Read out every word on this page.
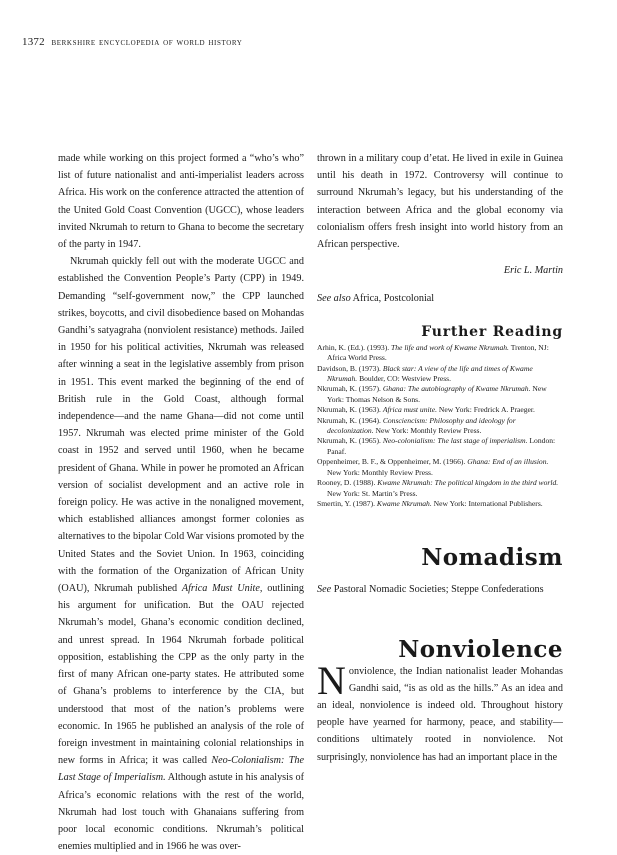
1372 berkshire encyclopedia of world history

made while working on this project formed a “who’s who” list of future nationalist and anti-imperialist leaders across Africa. His work on the conference attracted the attention of the United Gold Coast Convention (UGCC), whose leaders invited Nkrumah to return to Ghana to become the secretary of the party in 1947.

Nkrumah quickly fell out with the moderate UGCC and established the Convention People’s Party (CPP) in 1949. Demanding “self-government now,” the CPP launched strikes, boycotts, and civil disobedience based on Mohandas Gandhi’s satyagraha (nonviolent resistance) methods. Jailed in 1950 for his political activities, Nkrumah was released after winning a seat in the legislative assembly from prison in 1951. This event marked the beginning of the end of British rule in the Gold Coast, although formal independence—and the name Ghana—did not come until 1957. Nkrumah was elected prime minister of the Gold coast in 1952 and served until 1960, when he became president of Ghana. While in power he promoted an African version of socialist development and an active role in foreign policy. He was active in the nonaligned movement, which established alliances amongst former colonies as alternatives to the bipolar Cold War visions promoted by the United States and the Soviet Union. In 1963, coinciding with the formation of the Organization of African Unity (OAU), Nkrumah published Africa Must Unite, outlining his argument for unification. But the OAU rejected Nkrumah’s model, Ghana’s economic condition declined, and unrest spread. In 1964 Nkrumah forbade political opposition, establishing the CPP as the only party in the first of many African one-party states. He attributed some of Ghana’s problems to interference by the CIA, but understood that most of the nation’s problems were economic. In 1965 he published an analysis of the role of foreign investment in maintaining colonial relationships in new forms in Africa; it was called Neo-Colonialism: The Last Stage of Imperialism. Although astute in his analysis of Africa’s economic relations with the rest of the world, Nkrumah had lost touch with Ghanaians suffering from poor local economic conditions. Nkrumah’s political enemies multiplied and in 1966 he was over-

thrown in a military coup d’etat. He lived in exile in Guinea until his death in 1972. Controversy will continue to surround Nkrumah’s legacy, but his understanding of the interaction between Africa and the global economy via colonialism offers fresh insight into world history from an African perspective.

Eric L. Martin
See also Africa, Postcolonial
Further Reading
Arhin, K. (Ed.). (1993). The life and work of Kwame Nkrumah. Trenton, NJ: Africa World Press.
Davidson, B. (1973). Black star: A view of the life and times of Kwame Nkrumah. Boulder, CO: Westview Press.
Nkrumah, K. (1957). Ghana: The autobiography of Kwame Nkrumah. New York: Thomas Nelson & Sons.
Nkrumah, K. (1963). Africa must unite. New York: Fredrick A. Praeger.
Nkrumah, K. (1964). Consciencism: Philosophy and ideology for decolonization. New York: Monthly Review Press.
Nkrumah, K. (1965). Neo-colonialism: The last stage of imperialism. London: Panaf.
Oppenheimer, B. F., & Oppenheimer, M. (1966). Ghana: End of an illusion. New York: Monthly Review Press.
Rooney, D. (1988). Kwame Nkrumah: The political kingdom in the third world. New York: St. Martin’s Press.
Smertin, Y. (1987). Kwame Nkrumah. New York: International Publishers.
Nomadism
See Pastoral Nomadic Societies; Steppe Confederations
Nonviolence

Nonviolence, the Indian nationalist leader Mohandas Gandhi said, “is as old as the hills.” As an idea and an ideal, nonviolence is indeed old. Throughout history people have yearned for harmony, peace, and stability—conditions ultimately rooted in nonviolence. Not surprisingly, nonviolence has had an important place in the
